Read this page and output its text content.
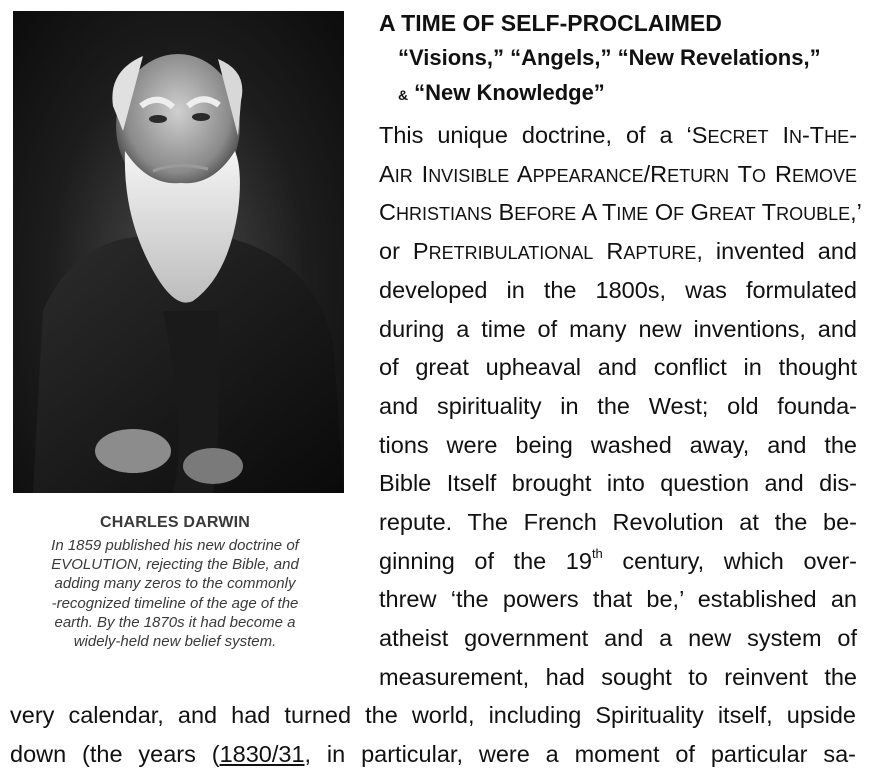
CHARLES DARWIN
In 1859 published his new doctrine of
EVOLUTION, rejecting the Bible, and
adding many zeros to the commonly
-recognized timeline of the age of the
earth. By the 1870s it had become a
widely-held new belief system.
A TIME OF SELF-PROCLAIMED
“Visions,” “Angels,” “New Revelations,”
& “New Knowledge”
This unique doctrine, of a ‘SECRET IN-THE-
AIR INVISIBLE APPEARANCE/RETURN TO REMOVE
CHRISTIANS BEFORE A TIME OF GREAT TROUBLE,’
or PRETRIBULATIONAL RAPTURE, invented and
developed in the 1800s, was formulated
during a time of many new inventions, and
of great upheaval and conflict in thought
and spirituality in the West; old founda-
tions were being washed away, and the
Bible Itself brought into question and dis-
repute. The French Revolution at the be-
ginning of the 19th century, which over-
threw ‘the powers that be,’ established an
atheist government and a new system of
measurement, had sought to reinvent the
very calendar, and had turned the world, including Spirituality itself, upside
down (the years (1830/31, in particular, were a moment of particular sa-
